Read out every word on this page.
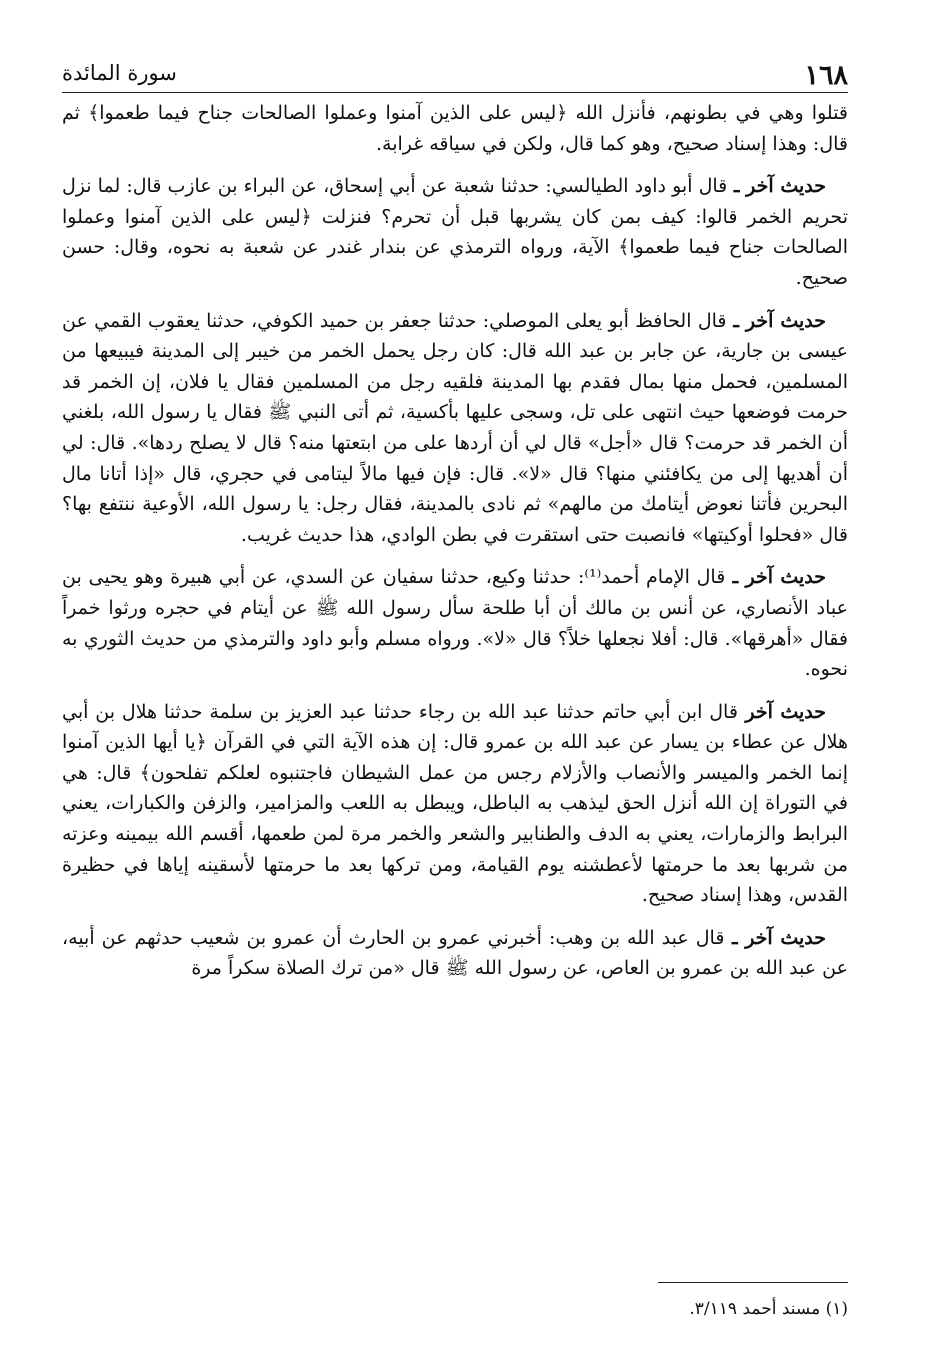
١٦٨
سورة المائدة

قتلوا وهي في بطونهم، فأنزل الله ﴿ليس على الذين آمنوا وعملوا الصالحات جناح فيما طعموا﴾ ثم قال: وهذا إسناد صحيح، وهو كما قال، ولكن في سياقه غرابة.

حديث آخر ـ قال أبو داود الطيالسي: حدثنا شعبة عن أبي إسحاق، عن البراء بن عازب قال: لما نزل تحريم الخمر قالوا: كيف بمن كان يشربها قبل أن تحرم؟ فنزلت ﴿ليس على الذين آمنوا وعملوا الصالحات جناح فيما طعموا﴾ الآية، ورواه الترمذي عن بندار غندر عن شعبة به نحوه، وقال: حسن صحيح.

حديث آخر ـ قال الحافظ أبو يعلى الموصلي: حدثنا جعفر بن حميد الكوفي، حدثنا يعقوب القمي عن عيسى بن جارية، عن جابر بن عبد الله قال: كان رجل يحمل الخمر من خيبر إلى المدينة فيبيعها من المسلمين، فحمل منها بمال فقدم بها المدينة فلقيه رجل من المسلمين فقال يا فلان، إن الخمر قد حرمت فوضعها حيث انتهى على تل، وسجى عليها بأكسية، ثم أتى النبي ﷺ فقال يا رسول الله، بلغني أن الخمر قد حرمت؟ قال «أجل» قال لي أن أردها على من ابتعتها منه؟ قال لا يصلح ردها». قال: لي أن أهديها إلى من يكافئني منها؟ قال «لا». قال: فإن فيها مالاً ليتامى في حجري، قال «إذا أتانا مال البحرين فأتنا نعوض أيتامك من مالهم» ثم نادى بالمدينة، فقال رجل: يا رسول الله، الأوعية ننتفع بها؟ قال «فحلوا أوكيتها» فانصبت حتى استقرت في بطن الوادي، هذا حديث غريب.

حديث آخر ـ قال الإمام أحمد⁽¹⁾: حدثنا وكيع، حدثنا سفيان عن السدي، عن أبي هبيرة وهو يحيى بن عباد الأنصاري، عن أنس بن مالك أن أبا طلحة سأل رسول الله ﷺ عن أيتام في حجره ورثوا خمراً فقال «أهرقها». قال: أفلا نجعلها خلاً؟ قال «لا». ورواه مسلم وأبو داود والترمذي من حديث الثوري به نحوه.

حديث آخر قال ابن أبي حاتم حدثنا عبد الله بن رجاء حدثنا عبد العزيز بن سلمة حدثنا هلال بن أبي هلال عن عطاء بن يسار عن عبد الله بن عمرو قال: إن هذه الآية التي في القرآن ﴿يا أيها الذين آمنوا إنما الخمر والميسر والأنصاب والأزلام رجس من عمل الشيطان فاجتنبوه لعلكم تفلحون﴾ قال: هي في التوراة إن الله أنزل الحق ليذهب به الباطل، ويبطل به اللعب والمزامير، والزفن والكبارات، يعني البرابط والزمارات، يعني به الدف والطنابير والشعر والخمر مرة لمن طعمها، أقسم الله بيمينه وعزته من شربها بعد ما حرمتها لأعطشنه يوم القيامة، ومن تركها بعد ما حرمتها لأسقينه إياها في حظيرة القدس، وهذا إسناد صحيح.

حديث آخر ـ قال عبد الله بن وهب: أخبرني عمرو بن الحارث أن عمرو بن شعيب حدثهم عن أبيه، عن عبد الله بن عمرو بن العاص، عن رسول الله ﷺ قال «من ترك الصلاة سكراً مرة

(١) مسند أحمد ٣/١١٩.
